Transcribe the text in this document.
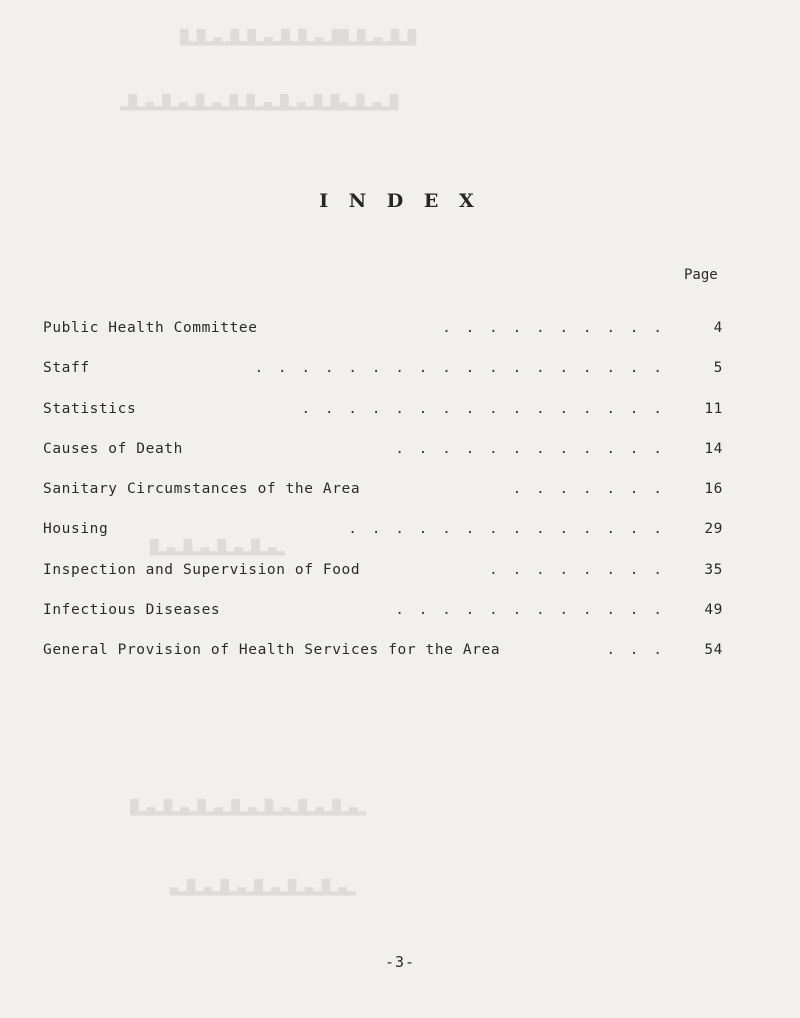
█▂█▂▄▂█▂██▂▄▂█▂█▂▄▂█▂█▂▄▂█▂█
█▂▄▂█▂▄█▂█▂▄▂█▂▄▂█▂█▂▄▂█▂▄▂█▂▄▂█▂
▂▄▂█▂▄▂█▂▄▂█▂▄▂█
▂▄▂█▂▄▂█▂▄▂█▂▄▂█▂▄▂█▂▄▂█▂▄▂█
▂▄▂█▂▄▂█▂▄▂█▂▄▂█▂▄▂█▂▄
I N D E X
Page
Public Health Committee	. . . . . . . . . .	4
Staff	. . . . . . . . . . . . . . . . . .	5
Statistics	. . . . . . . . . . . . . . . .	11
Causes of Death	. . . . . . . . . . . .	14
Sanitary Circumstances of the Area	. . . . . . .	16
Housing	. . . . . . . . . . . . . .	29
Inspection and Supervision of Food	. . . . . . . .	35
Infectious Diseases	. . . . . . . . . . . .	49
General Provision of Health Services for the Area	. . .	54
-3-
